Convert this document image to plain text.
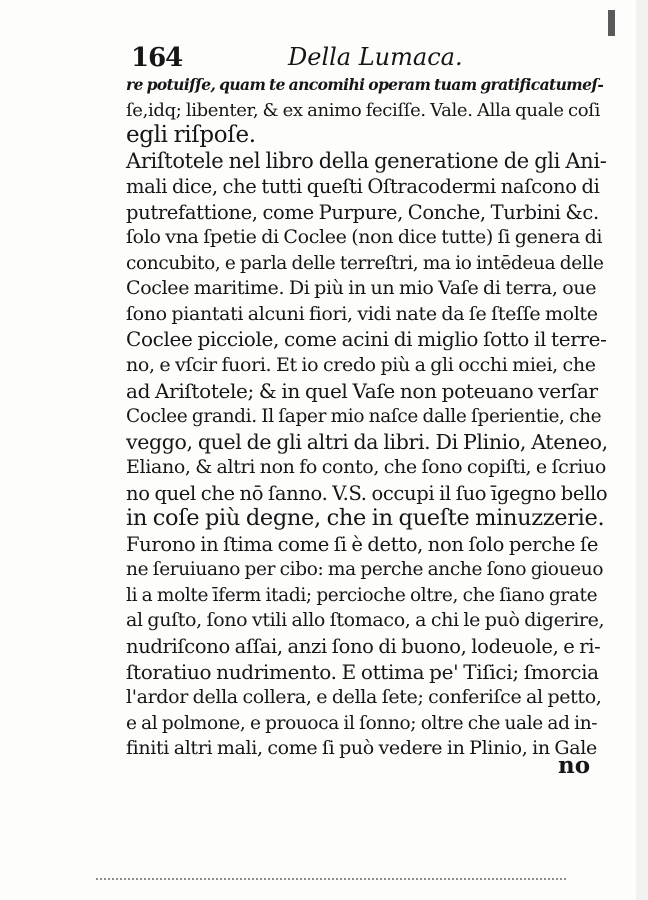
164	Della Lumaca.
re potuiſſe, quam te ancomihi operam tuam gratificatumeſ-
ſe,idq; libenter, & ex animo feciſſe. Vale. Alla quale coſi
egli riſpoſe.
Ariſtotele nel libro della generatione de gli Ani-
mali dice, che tutti queſti Oſtracodermi naſcono di
putrefattione, come Purpure, Conche, Turbini &c.
ſolo vna ſpetie di Coclee (non dice tutte) ſi genera di
concubito, e parla delle terreſtri, ma io intēdeua delle
Coclee maritime. Di più in un mio Vaſe di terra, oue
ſono piantati alcuni fiori, vidi nate da ſe ſteſſe molte
Coclee picciole, come acini di miglio ſotto il terre-
no, e vſcir fuori. Et io credo più a gli occhi miei, che
ad Ariſtotele; & in quel Vaſe non poteuano verſar
Coclee grandi. Il ſaper mio naſce dalle ſperientie, che
veggo, quel de gli altri da libri. Di Plinio, Ateneo,
Eliano, & altri non fo conto, che ſono copiſti, e ſcriuo
no quel che nō ſanno. V.S. occupi il ſuo īgegno bello
in coſe più degne, che in queſte minuzzerie.
Furono in ſtima come ſi è detto, non ſolo perche ſe
ne ſeruiuano per cibo: ma perche anche ſono gioueuo
li a molte īferm itadi; percioche oltre, che ſiano grate
al guſto, ſono vtili allo ſtomaco, a chi le può digerire,
nudriſcono aſſai, anzi ſono di buono, lodeuole, e ri-
ſtoratiuo nudrimento. E ottima pe' Tiſici; ſmorcia
l'ardor della collera, e della ſete; conferiſce al petto,
e al polmone, e prouoca il ſonno; oltre che uale ad in-
finiti altri mali, come ſi può vedere in Plinio, in Gale
no
